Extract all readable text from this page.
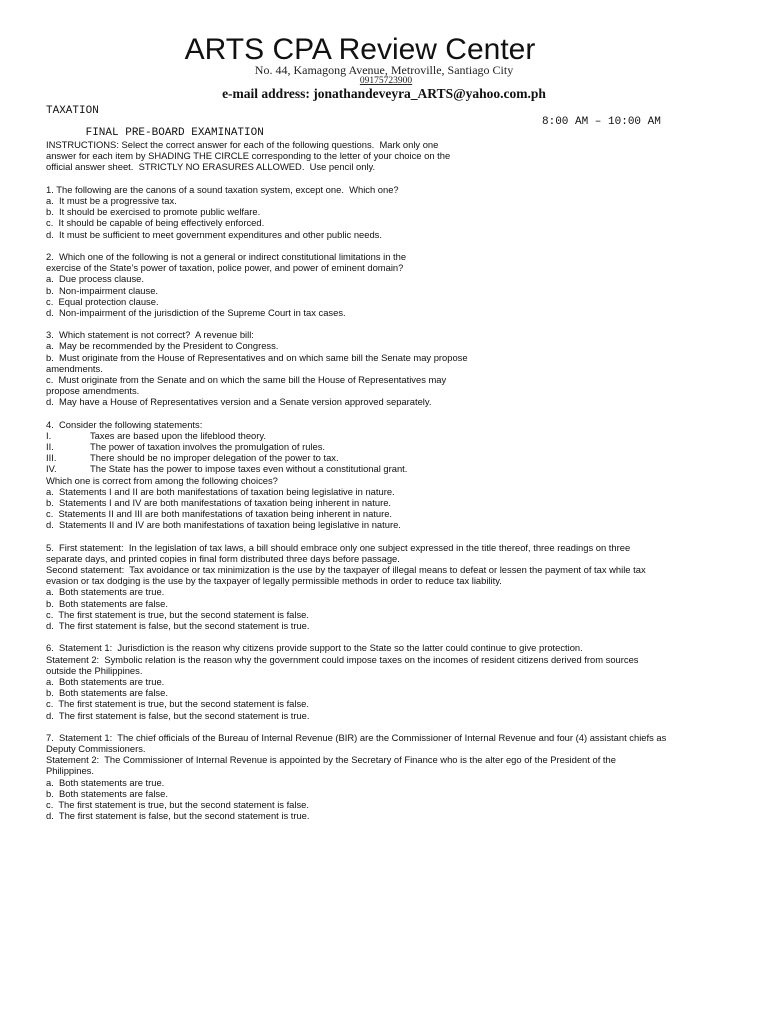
ARTS CPA Review Center
No. 44, Kamagong Avenue, Metroville, Santiago City
09175723900
e-mail address: jonathandeveyra_ARTS@yahoo.com.ph
TAXATION

FINAL PRE-BOARD EXAMINATION

8:00 AM – 10:00 AM

INSTRUCTIONS: Select the correct answer for each of the following questions.  Mark only one
answer for each item by SHADING THE CIRCLE corresponding to the letter of your choice on the
official answer sheet.  STRICTLY NO ERASURES ALLOWED.  Use pencil only.
1. The following are the canons of a sound taxation system, except one.  Which one?
a.  It must be a progressive tax.
b.  It should be exercised to promote public welfare.
c.  It should be capable of being effectively enforced.
d.  It must be sufficient to meet government expenditures and other public needs.
2.  Which one of the following is not a general or indirect constitutional limitations in the
exercise of the State’s power of taxation, police power, and power of eminent domain?
a.  Due process clause.
b.  Non-impairment clause.
c.  Equal protection clause.
d.  Non-impairment of the jurisdiction of the Supreme Court in tax cases.
3.  Which statement is not correct?  A revenue bill:
a.  May be recommended by the President to Congress.
b.  Must originate from the House of Representatives and on which same bill the Senate may propose
amendments.
c.  Must originate from the Senate and on which the same bill the House of Representatives may
propose amendments.
d.  May have a House of Representatives version and a Senate version approved separately.
4.  Consider the following statements:
I.	Taxes are based upon the lifeblood theory.
II.	The power of taxation involves the promulgation of rules.
III.	There should be no improper delegation of the power to tax.
IV.	The State has the power to impose taxes even without a constitutional grant.
Which one is correct from among the following choices?
a.  Statements I and II are both manifestations of taxation being legislative in nature.
b.  Statements I and IV are both manifestations of taxation being inherent in nature.
c.  Statements II and III are both manifestations of taxation being inherent in nature.
d.  Statements II and IV are both manifestations of taxation being legislative in nature.
5.  First statement:  In the legislation of tax laws, a bill should embrace only one subject expressed in the title thereof, three readings on three
separate days, and printed copies in final form distributed three days before passage.
Second statement:  Tax avoidance or tax minimization is the use by the taxpayer of illegal means to defeat or lessen the payment of tax while tax
evasion or tax dodging is the use by the taxpayer of legally permissible methods in order to reduce tax liability.
a.  Both statements are true.
b.  Both statements are false.
c.  The first statement is true, but the second statement is false.
d.  The first statement is false, but the second statement is true.
6.  Statement 1:  Jurisdiction is the reason why citizens provide support to the State so the latter could continue to give protection.
Statement 2:  Symbolic relation is the reason why the government could impose taxes on the incomes of resident citizens derived from sources
outside the Philippines.
a.  Both statements are true.
b.  Both statements are false.
c.  The first statement is true, but the second statement is false.
d.  The first statement is false, but the second statement is true.
7.  Statement 1:  The chief officials of the Bureau of Internal Revenue (BIR) are the Commissioner of Internal Revenue and four (4) assistant chiefs as
Deputy Commissioners.
Statement 2:  The Commissioner of Internal Revenue is appointed by the Secretary of Finance who is the alter ego of the President of the
Philippines.
a.  Both statements are true.
b.  Both statements are false.
c.  The first statement is true, but the second statement is false.
d.  The first statement is false, but the second statement is true.
